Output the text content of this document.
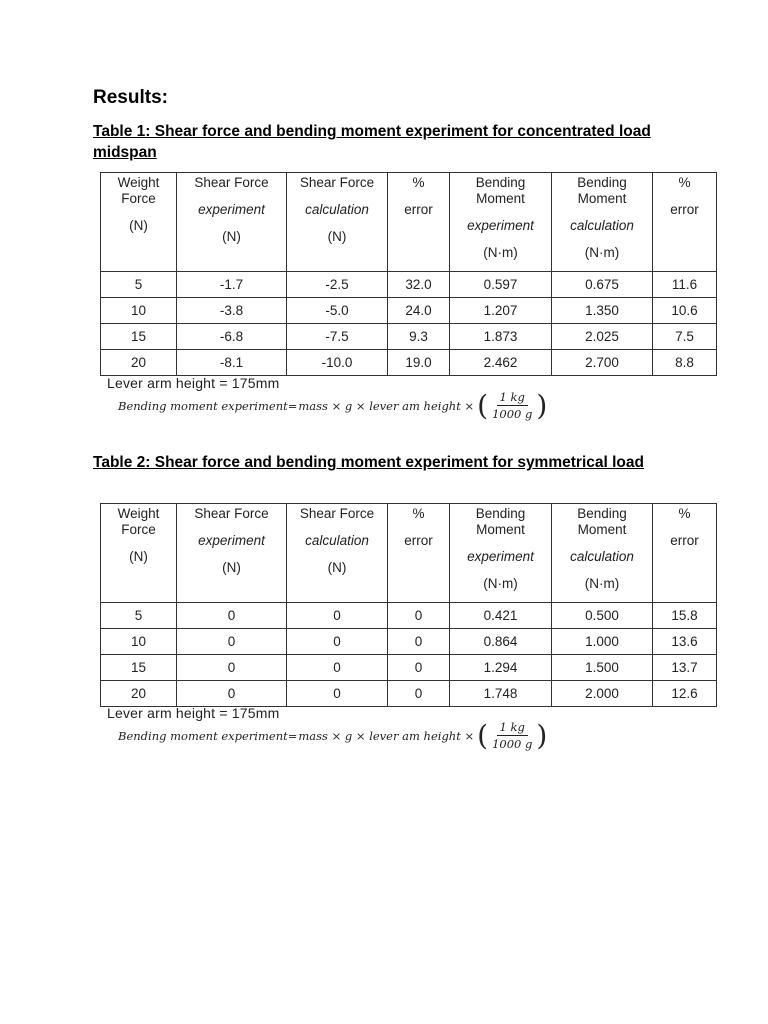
Results:

Table 1: Shear force and bending moment experiment for concentrated load midspan

Weight
Force
(N)	Shear Force
experiment
(N)	Shear Force
calculation
(N)	%
error	Bending
Moment
experiment
(N·m)	Bending
Moment
calculation
(N·m)	%
error

5	-1.7	-2.5	32.0	0.597	0.675	11.6
10	-3.8	-5.0	24.0	1.207	1.350	10.6
15	-6.8	-7.5	9.3	1.873	2.025	7.5
20	-8.1	-10.0	19.0	2.462	2.700	8.8

Lever arm height = 175mm

Bending moment experiment = mass × g × lever am height × ( $\frac{1 kg}{1000 g}$ )

Table 2: Shear force and bending moment experiment for symmetrical load

Weight
Force
(N)	Shear Force
experiment
(N)	Shear Force
calculation
(N)	%
error	Bending
Moment
experiment
(N·m)	Bending
Moment
calculation
(N·m)	%
error

5	0	0	0	0.421	0.500	15.8
10	0	0	0	0.864	1.000	13.6
15	0	0	0	1.294	1.500	13.7
20	0	0	0	1.748	2.000	12.6

Lever arm height = 175mm

Bending moment experiment = mass × g × lever am height × ( $\frac{1 kg}{1000 g}$ )
